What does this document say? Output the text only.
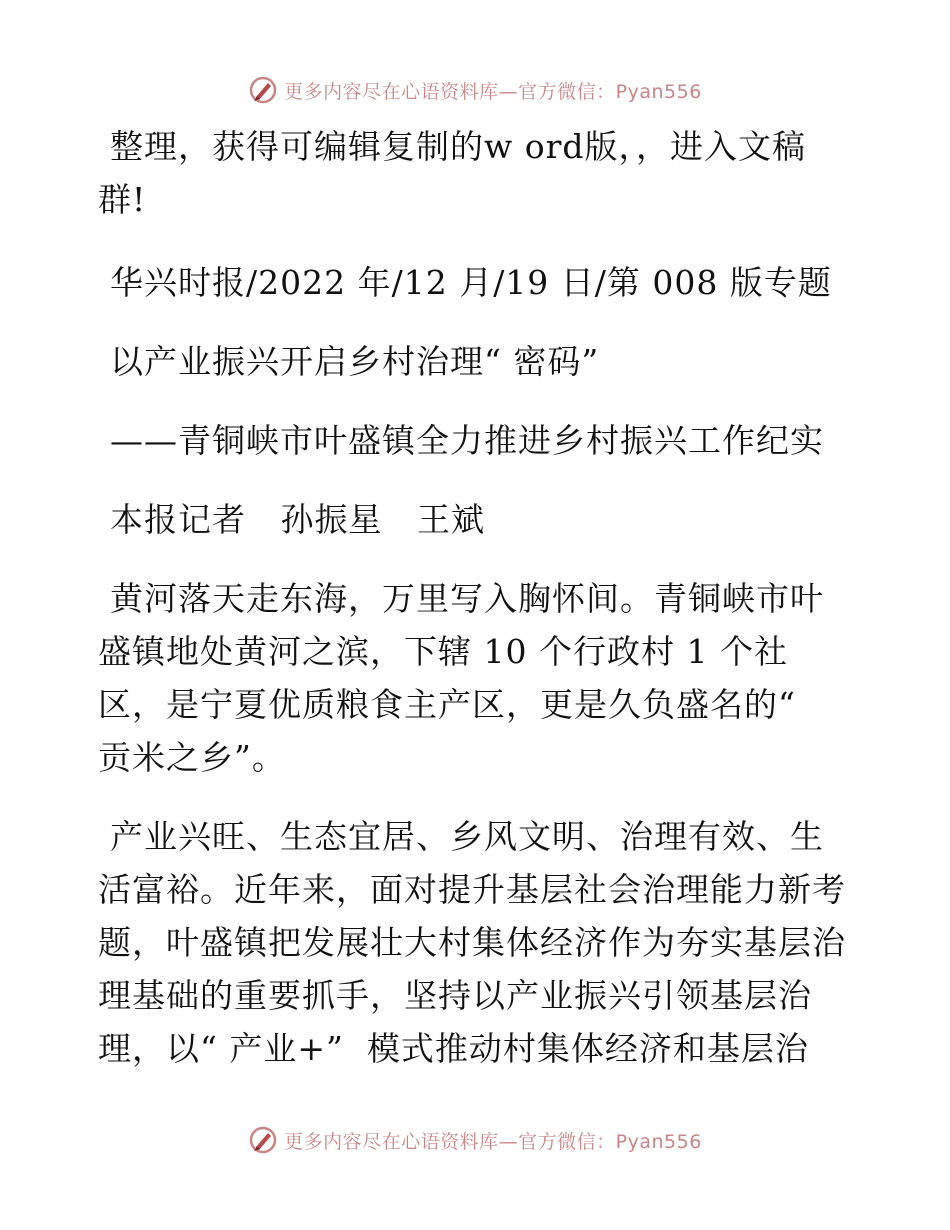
更多内容尽在心语资料库—官方微信：Pyan556
整理，获得可编辑复制的w ord版，，进入文稿
群!
华兴时报/2022 年/12 月/19 日/第 008 版专题
以产业振兴开启乡村治理“ 密码”
——青铜峡市叶盛镇全力推进乡村振兴工作纪实
本报记者   孙振星   王斌
黄河落天走东海，万里写入胸怀间。青铜峡市叶
盛镇地处黄河之滨，下辖 10 个行政村 1 个社
区，是宁夏优质粮食主产区，更是久负盛名的“
贡米之乡”。
产业兴旺、生态宜居、乡风文明、治理有效、生
活富裕。近年来，面对提升基层社会治理能力新考
题，叶盛镇把发展壮大村集体经济作为夯实基层治
理基础的重要抓手，坚持以产业振兴引领基层治
理，以“ 产业+”  模式推动村集体经济和基层治
更多内容尽在心语资料库—官方微信：Pyan556
